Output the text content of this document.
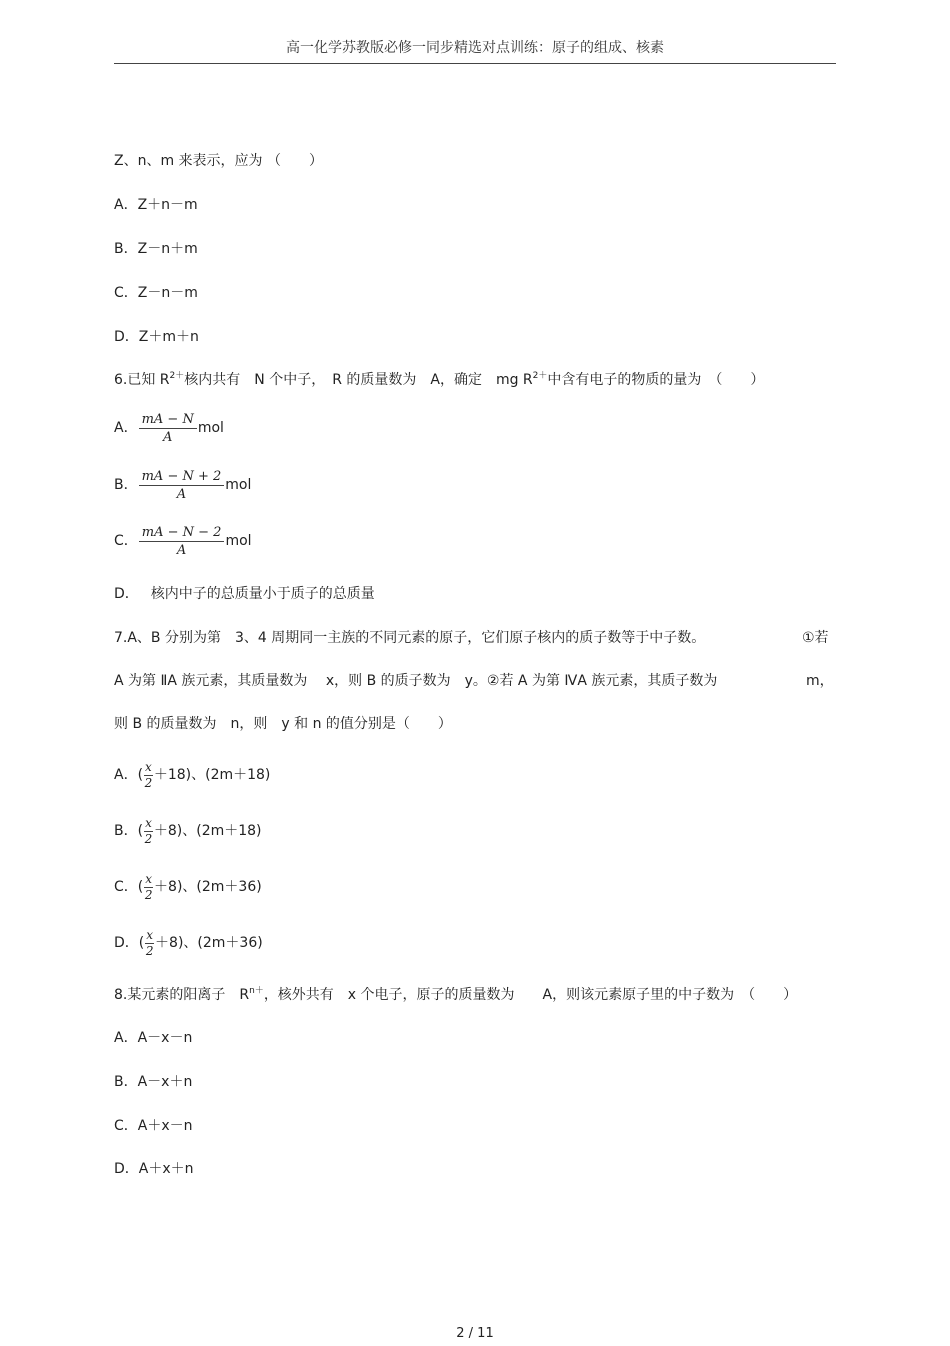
高一化学苏教版必修一同步精选对点训练：原子的组成、核素
Z、n、m 来表示，应为 （　　）
A．Z＋n－m
B．Z－n＋m
C．Z－n－m
D．Z＋m＋n
6.已知 $R^{2+}$核内共有　N 个中子，　R 的质量数为　A，确定　mg $R^{2+}$中含有电子的物质的量为　（　　）
A． $\frac{mA - N}{A}$ mol
B． $\frac{mA - N + 2}{A}$ mol
C． $\frac{mA - N - 2}{A}$ mol
D． 核内中子的总质量小于质子的总质量
7.A、B 分别为第　3、4 周期同一主族的不同元素的原子，它们原子核内的质子数等于中子数。	①若
A 为第 ⅡA 族元素，其质量数为　 x，则 B 的质子数为　y。②若 A 为第 ⅣA 族元素，其质子数为	m，
则 B 的质量数为　n，则　y 和 n 的值分别是（　　）
A．( $\frac{x}{2} +18$)、(2m＋18)
B．( $\frac{x}{2} +8$)、(2m＋18)
C．( $\frac{x}{2} +8$)、(2m＋36)
D．( $\frac{x}{2} +8$)、(2m＋36)
8.某元素的阳离子　$R^{n+}$，核外共有　x 个电子，原子的质量数为　　A，则该元素原子里的中子数为　（　　）
A．A－x－n
B．A－x＋n
C．A＋x－n
D．A＋x＋n
2 / 11
